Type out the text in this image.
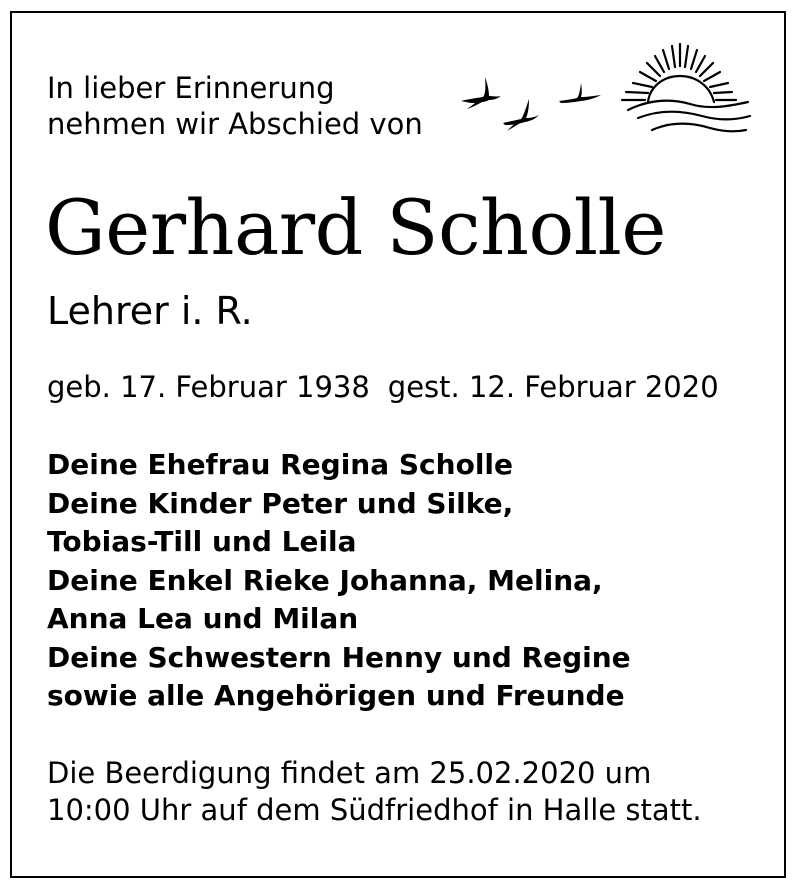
In lieber Erinnerung
nehmen wir Abschied von
Gerhard Scholle
Lehrer i. R.
geb. 17. Februar 1938 gest. 12. Februar 2020
Deine Ehefrau Regina Scholle
Deine Kinder Peter und Silke,
Tobias-Till und Leila
Deine Enkel Rieke Johanna, Melina,
Anna Lea und Milan
Deine Schwestern Henny und Regine
sowie alle Angehörigen und Freunde
Die Beerdigung findet am 25.02.2020 um
10:00 Uhr auf dem Südfriedhof in Halle statt.
